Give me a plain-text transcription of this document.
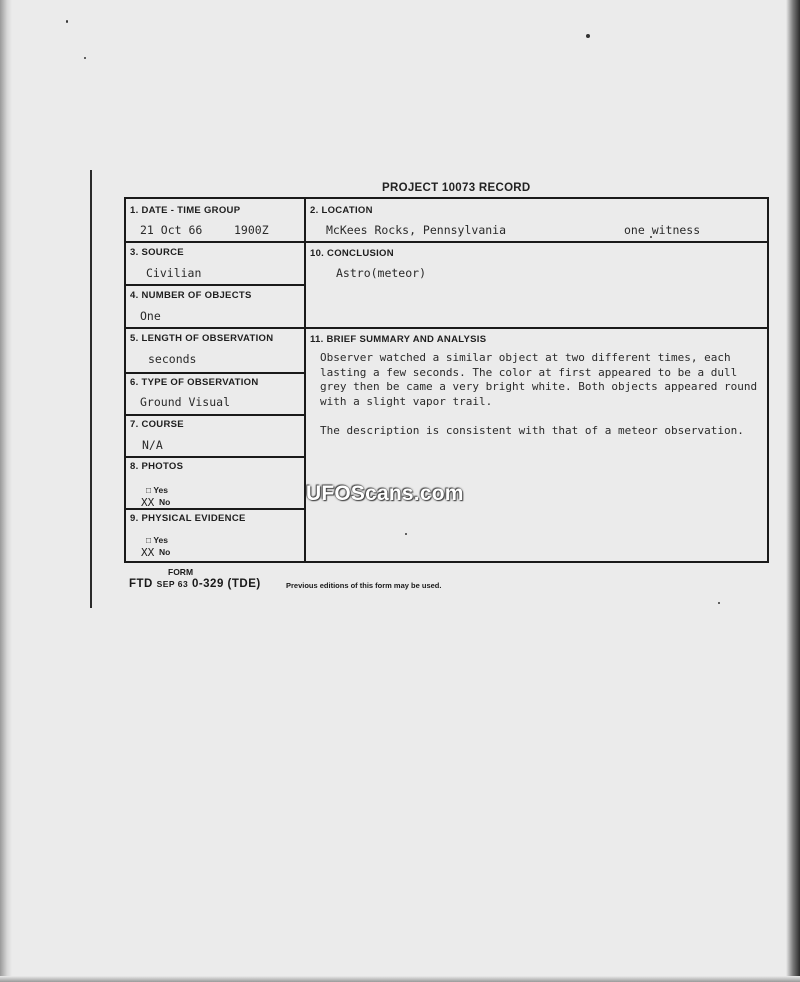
PROJECT 10073 RECORD
1. DATE - TIME GROUP
21 Oct 66	1900Z
2. LOCATION
McKees Rocks, Pennsylvania	one witness
3. SOURCE
Civilian
10. CONCLUSION
Astro(meteor)
4. NUMBER OF OBJECTS
One
5. LENGTH OF OBSERVATION
seconds
11. BRIEF SUMMARY AND ANALYSIS

Observer watched a similar object at two different times, each lasting a few seconds. The color at first appeared to be a dull grey then be came a very bright white. Both objects appeared round with a slight vapor trail.

The description is consistent with that of a meteor observation.

6. TYPE OF OBSERVATION
Ground Visual
7. COURSE
N/A
8. PHOTOS
□ Yes
XX No
9. PHYSICAL EVIDENCE
□ Yes
XX No
FORM
FTD SEP 63 0-329 (TDE)	Previous editions of this form may be used.
UFOScans.com
